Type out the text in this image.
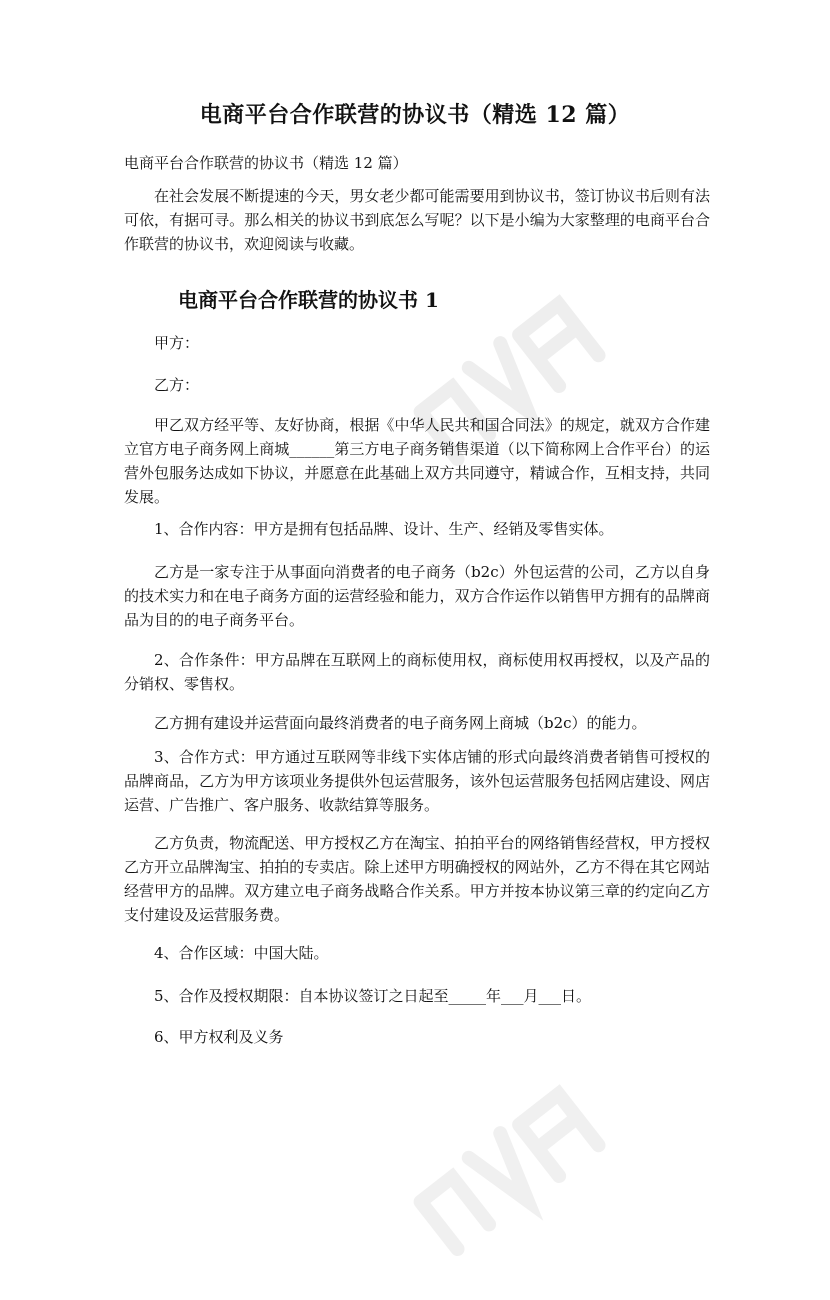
电商平台合作联营的协议书（精选 12 篇）

电商平台合作联营的协议书（精选 12 篇）

在社会发展不断提速的今天，男女老少都可能需要用到协议书，签订协议书后则有法可依，有据可寻。那么相关的协议书到底怎么写呢？以下是小编为大家整理的电商平台合作联营的协议书，欢迎阅读与收藏。

电商平台合作联营的协议书 1

甲方：

乙方：

甲乙双方经平等、友好协商，根据《中华人民共和国合同法》的规定，就双方合作建立官方电子商务网上商城______第三方电子商务销售渠道（以下简称网上合作平台）的运营外包服务达成如下协议，并愿意在此基础上双方共同遵守，精诚合作，互相支持，共同发展。

1、合作内容：甲方是拥有包括品牌、设计、生产、经销及零售实体。

乙方是一家专注于从事面向消费者的电子商务（b2c）外包运营的公司，乙方以自身的技术实力和在电子商务方面的运营经验和能力，双方合作运作以销售甲方拥有的品牌商品为目的的电子商务平台。

2、合作条件：甲方品牌在互联网上的商标使用权，商标使用权再授权，以及产品的分销权、零售权。

乙方拥有建设并运营面向最终消费者的电子商务网上商城（b2c）的能力。

3、合作方式：甲方通过互联网等非线下实体店铺的形式向最终消费者销售可授权的品牌商品，乙方为甲方该项业务提供外包运营服务，该外包运营服务包括网店建设、网店运营、广告推广、客户服务、收款结算等服务。

乙方负责，物流配送、甲方授权乙方在淘宝、拍拍平台的网络销售经营权，甲方授权乙方开立品牌淘宝、拍拍的专卖店。除上述甲方明确授权的网站外，乙方不得在其它网站经营甲方的品牌。双方建立电子商务战略合作关系。甲方并按本协议第三章的约定向乙方支付建设及运营服务费。

4、合作区域：中国大陆。

5、合作及授权期限：自本协议签订之日起至_____年___月___日。

6、甲方权利及义务
